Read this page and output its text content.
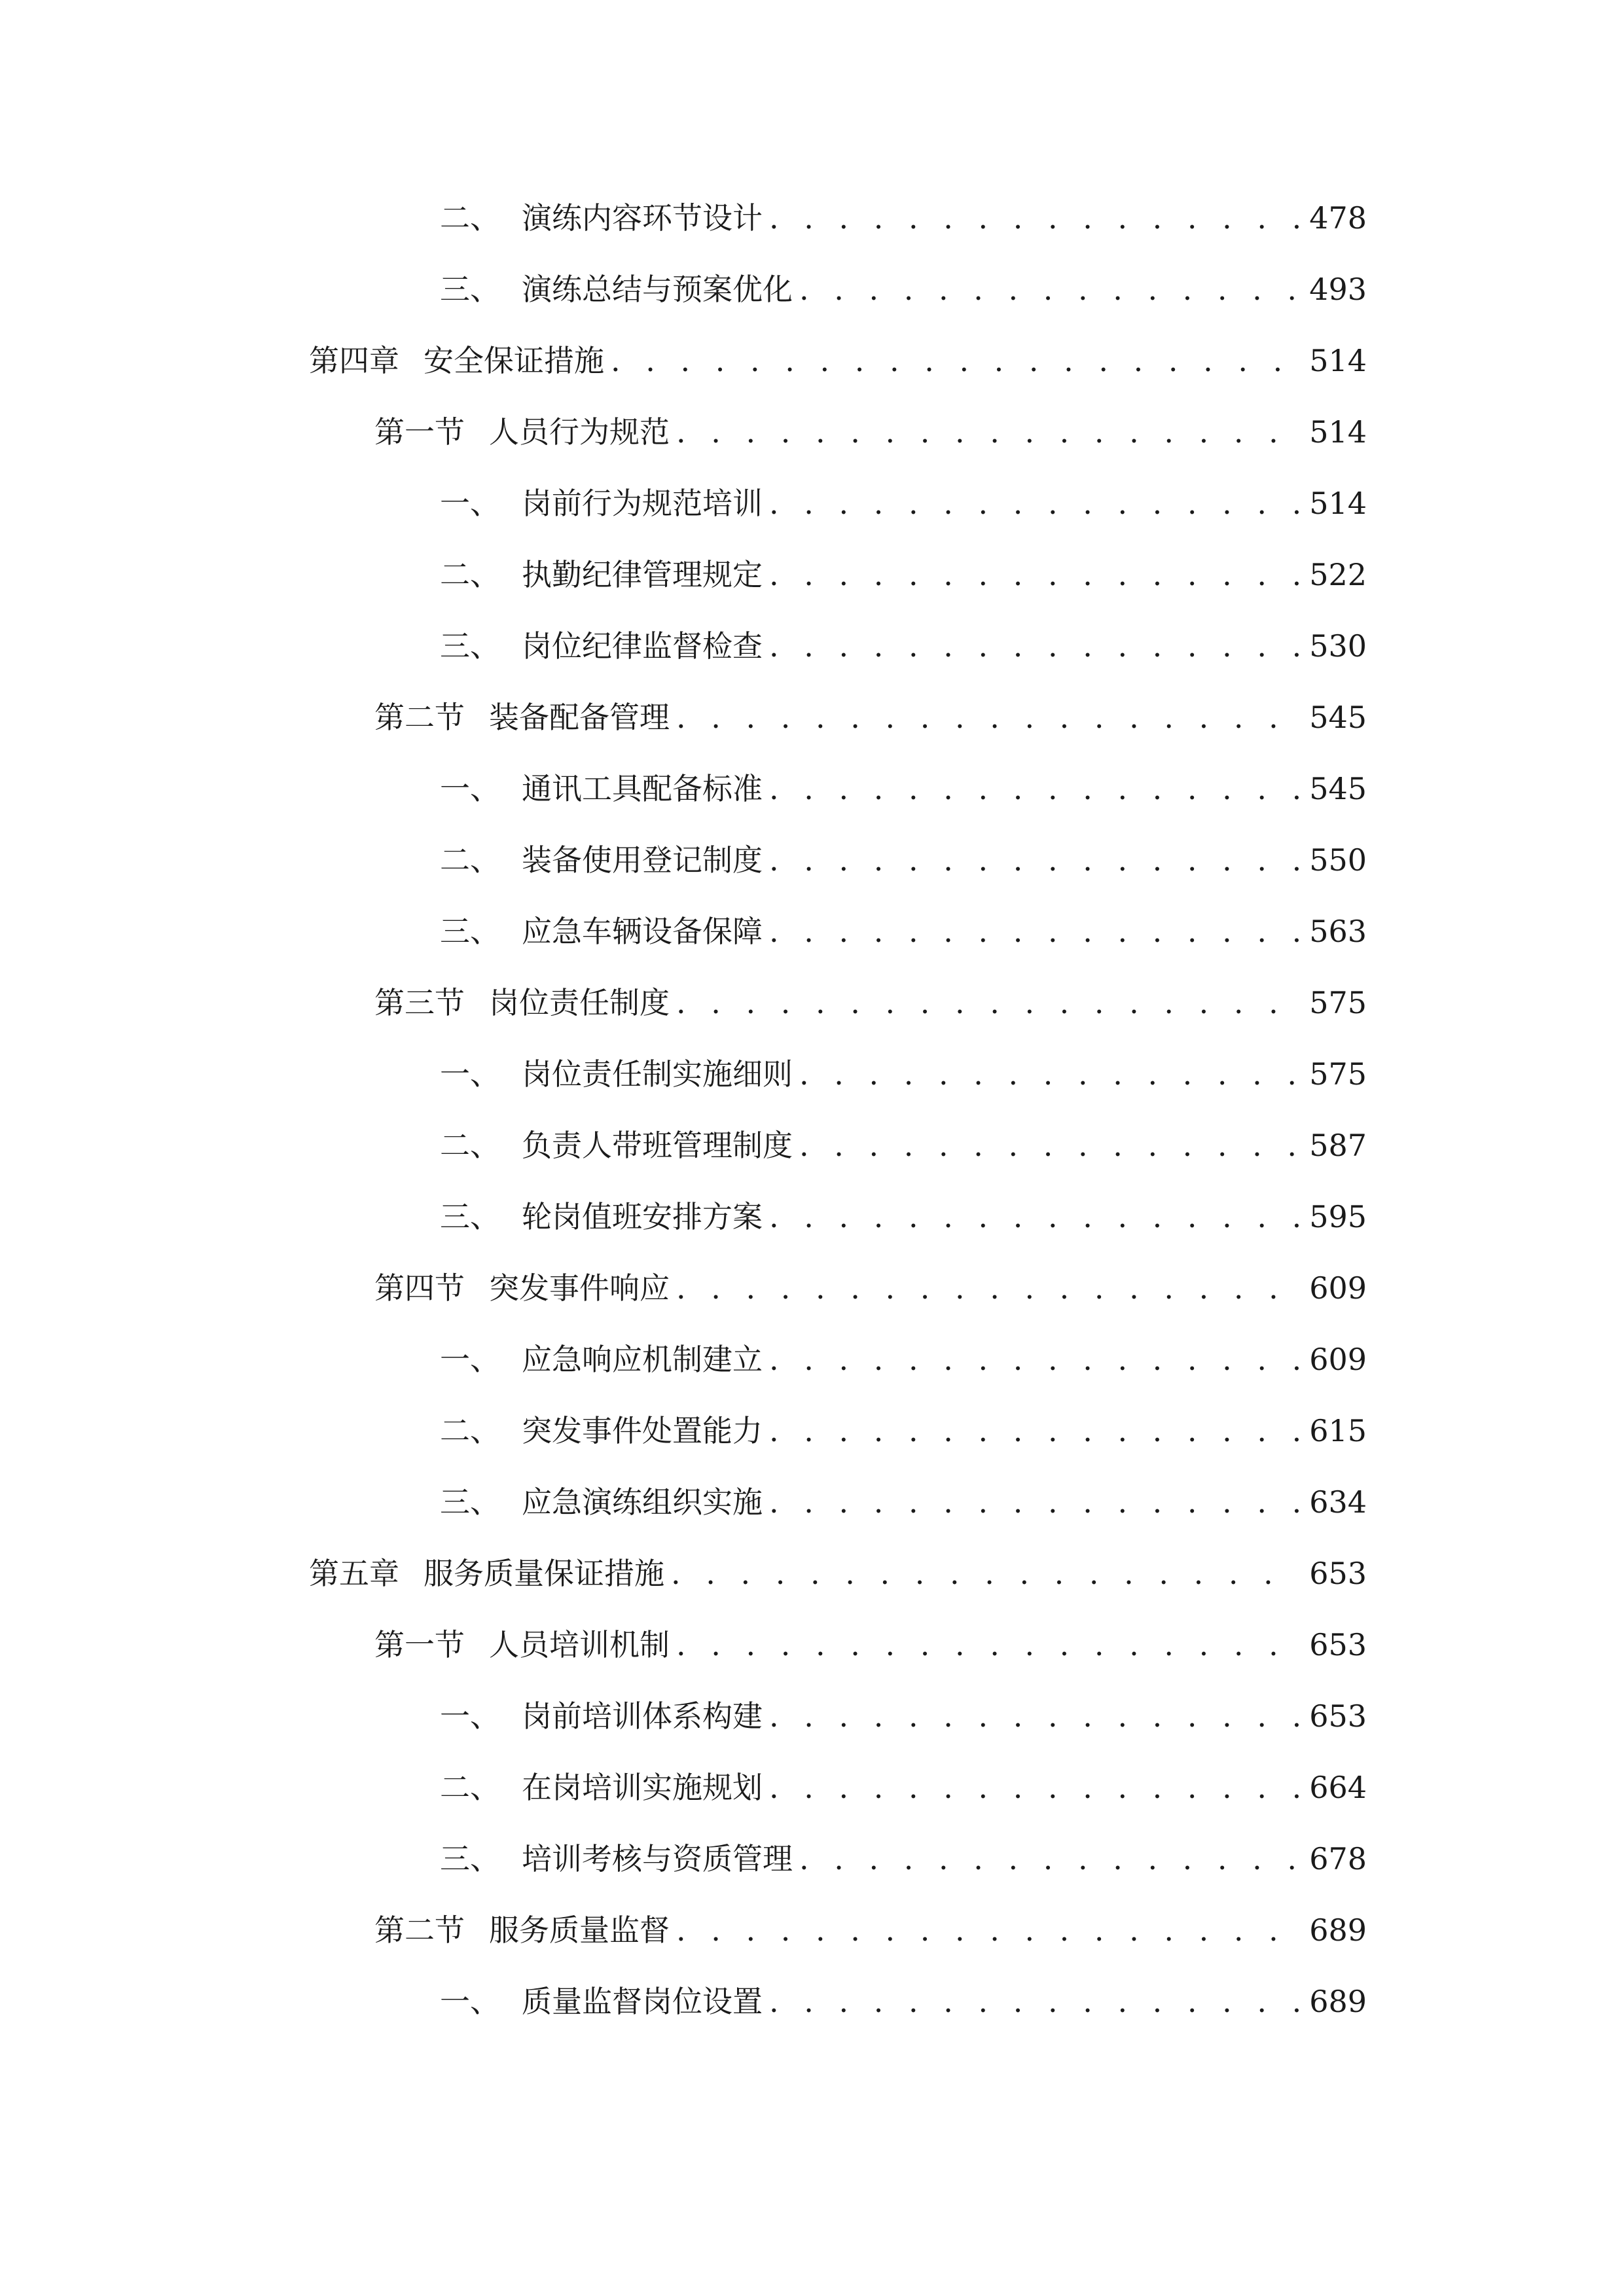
二、 演练内容环节设计 . . .	478
三、 演练总结与预案优化 . . .	493
第四章 安全保证措施 . . .	514
第一节 人员行为规范 . . .	514
一、 岗前行为规范培训 . . .	514
二、 执勤纪律管理规定 . . .	522
三、 岗位纪律监督检查 . . .	530
第二节 装备配备管理 . . .	545
一、 通讯工具配备标准 . . .	545
二、 装备使用登记制度 . . .	550
三、 应急车辆设备保障 . . .	563
第三节 岗位责任制度 . . .	575
一、 岗位责任制实施细则 . . .	575
二、 负责人带班管理制度 . . .	587
三、 轮岗值班安排方案 . . .	595
第四节 突发事件响应 . . .	609
一、 应急响应机制建立 . . .	609
二、 突发事件处置能力 . . .	615
三、 应急演练组织实施 . . .	634
第五章 服务质量保证措施 . . .	653
第一节 人员培训机制 . . .	653
一、 岗前培训体系构建 . . .	653
二、 在岗培训实施规划 . . .	664
三、 培训考核与资质管理 . . .	678
第二节 服务质量监督 . . .	689
一、 质量监督岗位设置 . . .	689
